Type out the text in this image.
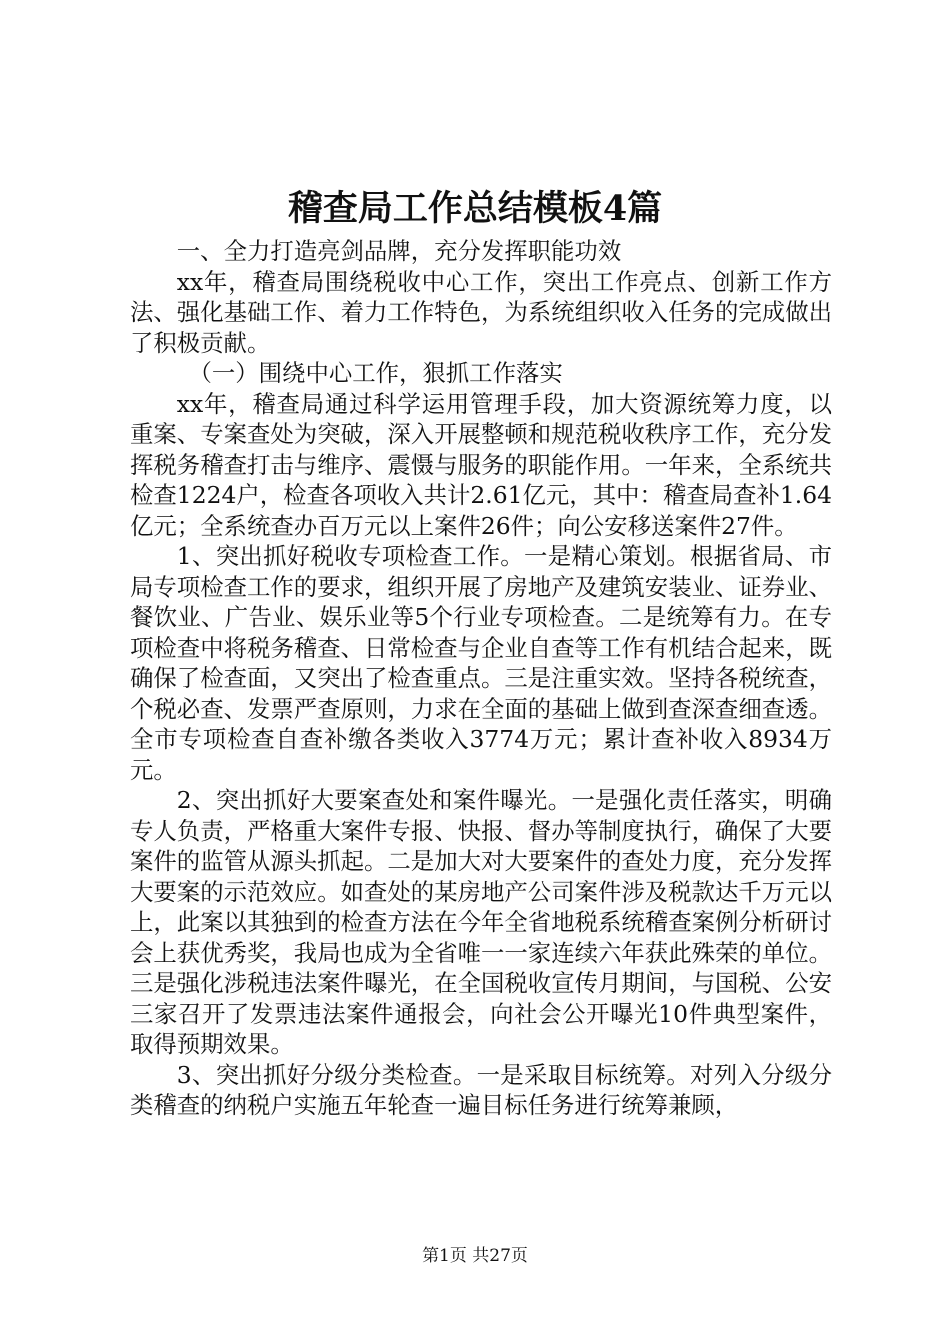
稽查局工作总结模板4篇

一、全力打造亮剑品牌，充分发挥职能功效

xx年，稽查局围绕税收中心工作，突出工作亮点、创新工作方法、强化基础工作、着力工作特色，为系统组织收入任务的完成做出了积极贡献。

（一）围绕中心工作，狠抓工作落实

xx年，稽查局通过科学运用管理手段，加大资源统筹力度，以重案、专案查处为突破，深入开展整顿和规范税收秩序工作，充分发挥税务稽查打击与维序、震慑与服务的职能作用。一年来，全系统共检查1224户，检查各项收入共计2.61亿元，其中：稽查局查补1.64亿元；全系统查办百万元以上案件26件；向公安移送案件27件。

1、突出抓好税收专项检查工作。一是精心策划。根据省局、市局专项检查工作的要求，组织开展了房地产及建筑安装业、证券业、餐饮业、广告业、娱乐业等5个行业专项检查。二是统筹有力。在专项检查中将税务稽查、日常检查与企业自查等工作有机结合起来，既确保了检查面，又突出了检查重点。三是注重实效。坚持各税统查，个税必查、发票严查原则，力求在全面的基础上做到查深查细查透。全市专项检查自查补缴各类收入3774万元；累计查补收入8934万元。

2、突出抓好大要案查处和案件曝光。一是强化责任落实，明确专人负责，严格重大案件专报、快报、督办等制度执行，确保了大要案件的监管从源头抓起。二是加大对大要案件的查处力度，充分发挥大要案的示范效应。如查处的某房地产公司案件涉及税款达千万元以上，此案以其独到的检查方法在今年全省地税系统稽查案例分析研讨会上获优秀奖，我局也成为全省唯一一家连续六年获此殊荣的单位。三是强化涉税违法案件曝光，在全国税收宣传月期间，与国税、公安三家召开了发票违法案件通报会，向社会公开曝光10件典型案件，取得预期效果。

3、突出抓好分级分类检查。一是采取目标统筹。对列入分级分类稽查的纳税户实施五年轮查一遍目标任务进行统筹兼顾，

第1页 共27页
